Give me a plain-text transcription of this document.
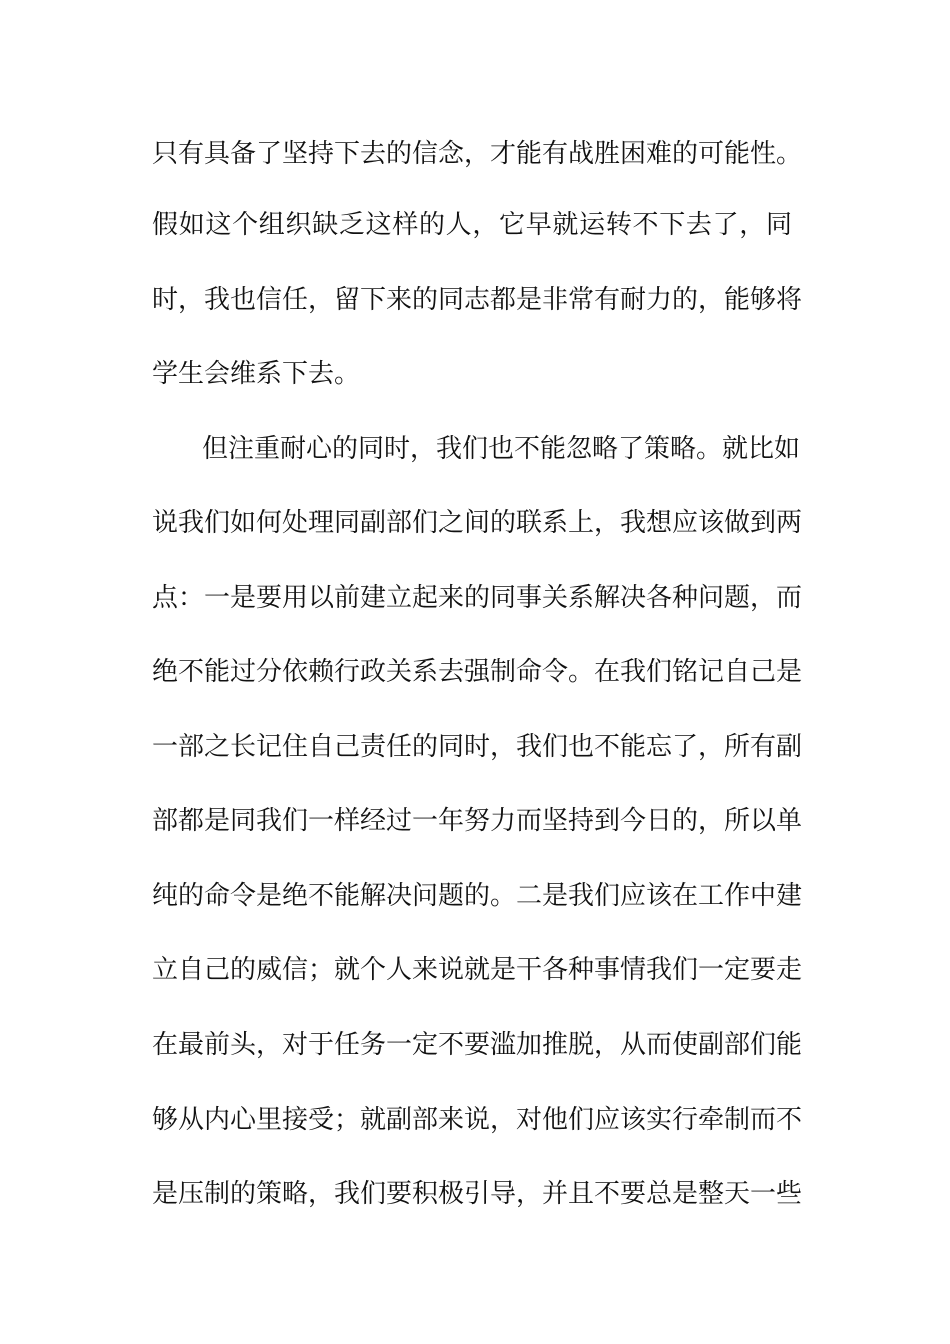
只有具备了坚持下去的信念，才能有战胜困难的可能性。
假如这个组织缺乏这样的人，它早就运转不下去了，同
时，我也信任，留下来的同志都是非常有耐力的，能够将
学生会维系下去。
但注重耐心的同时，我们也不能忽略了策略。就比如
说我们如何处理同副部们之间的联系上，我想应该做到两
点：一是要用以前建立起来的同事关系解决各种问题，而
绝不能过分依赖行政关系去强制命令。在我们铭记自己是
一部之长记住自己责任的同时，我们也不能忘了，所有副
部都是同我们一样经过一年努力而坚持到今日的，所以单
纯的命令是绝不能解决问题的。二是我们应该在工作中建
立自己的威信；就个人来说就是干各种事情我们一定要走
在最前头，对于任务一定不要滥加推脱，从而使副部们能
够从内心里接受；就副部来说，对他们应该实行牵制而不
是压制的策略，我们要积极引导，并且不要总是整天一些
